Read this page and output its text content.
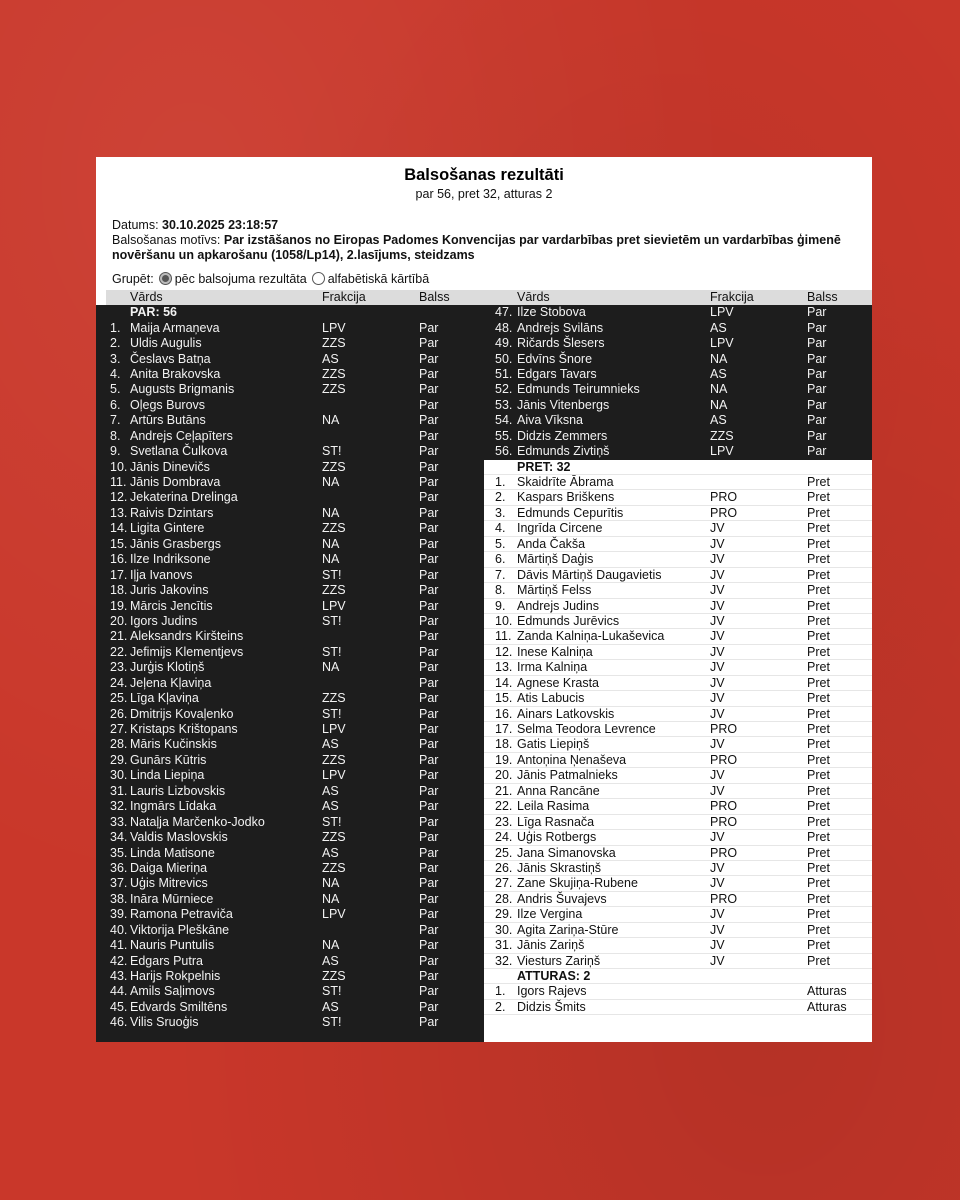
Balsošanas rezultāti
par 56, pret 32, atturas 2
Datums: 30.10.2025 23:18:57
Balsošanas motīvs: Par izstāšanos no Eiropas Padomes Konvencijas par vardarbības pret sievietēm un vardarbības ģimenē novēršanu un apkarošanu (1058/Lp14), 2.lasījums, steidzams
Grupēt: pēc balsojuma rezultāta alfabētiskā kārtībā
Vārds	Frakcija	Balss
PAR: 56
1. Maija Armaņeva	LPV	Par
2. Uldis Augulis	ZZS	Par
3. Česlavs Batņa	AS	Par
4. Anita Brakovska	ZZS	Par
5. Augusts Brigmanis	ZZS	Par
6. Oļegs Burovs	Par
7. Artūrs Butāns	NA	Par
8. Andrejs Ceļapīters	Par
9. Svetlana Čulkova	ST!	Par
10. Jānis Dinevičs	ZZS	Par
11. Jānis Dombrava	NA	Par
12. Jekaterina Drelinga	Par
13. Raivis Dzintars	NA	Par
14. Ligita Gintere	ZZS	Par
15. Jānis Grasbergs	NA	Par
16. Ilze Indriksone	NA	Par
17. Iļja Ivanovs	ST!	Par
18. Juris Jakovins	ZZS	Par
19. Mārcis Jencītis	LPV	Par
20. Igors Judins	ST!	Par
21. Aleksandrs Kiršteins	Par
22. Jefimijs Klementjevs	ST!	Par
23. Jurģis Klotiņš	NA	Par
24. Jeļena Kļaviņa	Par
25. Līga Kļaviņa	ZZS	Par
26. Dmitrijs Kovaļenko	ST!	Par
27. Kristaps Krištopans	LPV	Par
28. Māris Kučinskis	AS	Par
29. Gunārs Kūtris	ZZS	Par
30. Linda Liepiņa	LPV	Par
31. Lauris Lizbovskis	AS	Par
32. Ingmārs Līdaka	AS	Par
33. Nataļja Marčenko-Jodko	ST!	Par
34. Valdis Maslovskis	ZZS	Par
35. Linda Matisone	AS	Par
36. Daiga Mieriņa	ZZS	Par
37. Uģis Mitrevics	NA	Par
38. Ināra Mūrniece	NA	Par
39. Ramona Petraviča	LPV	Par
40. Viktorija Pleškāne	Par
41. Nauris Puntulis	NA	Par
42. Edgars Putra	AS	Par
43. Harijs Rokpelnis	ZZS	Par
44. Amils Saļimovs	ST!	Par
45. Edvards Smiltēns	AS	Par
46. Vilis Sruoģis	ST!	Par
Vārds	Frakcija	Balss
47. Ilze Stobova	LPV	Par
48. Andrejs Svilāns	AS	Par
49. Ričards Šlesers	LPV	Par
50. Edvīns Šnore	NA	Par
51. Edgars Tavars	AS	Par
52. Edmunds Teirumnieks	NA	Par
53. Jānis Vitenbergs	NA	Par
54. Aiva Vīksna	AS	Par
55. Didzis Zemmers	ZZS	Par
56. Edmunds Zivtiņš	LPV	Par
PRET: 32
1. Skaidrīte Ābrama	Pret
2. Kaspars Briškens	PRO	Pret
3. Edmunds Cepurītis	PRO	Pret
4. Ingrīda Circene	JV	Pret
5. Anda Čakša	JV	Pret
6. Mārtiņš Daģis	JV	Pret
7. Dāvis Mārtiņš Daugavietis	JV	Pret
8. Mārtiņš Felss	JV	Pret
9. Andrejs Judins	JV	Pret
10. Edmunds Jurēvics	JV	Pret
11. Zanda Kalniņa-Lukaševica	JV	Pret
12. Inese Kalniņa	JV	Pret
13. Irma Kalniņa	JV	Pret
14. Agnese Krasta	JV	Pret
15. Atis Labucis	JV	Pret
16. Ainars Latkovskis	JV	Pret
17. Selma Teodora Levrence	PRO	Pret
18. Gatis Liepiņš	JV	Pret
19. Antoņina Ņenaševa	PRO	Pret
20. Jānis Patmalnieks	JV	Pret
21. Anna Rancāne	JV	Pret
22. Leila Rasima	PRO	Pret
23. Līga Rasnača	PRO	Pret
24. Uģis Rotbergs	JV	Pret
25. Jana Simanovska	PRO	Pret
26. Jānis Skrastiņš	JV	Pret
27. Zane Skujiņa-Rubene	JV	Pret
28. Andris Šuvajevs	PRO	Pret
29. Ilze Vergina	JV	Pret
30. Agita Zariņa-Stūre	JV	Pret
31. Jānis Zariņš	JV	Pret
32. Viesturs Zariņš	JV	Pret
ATTURAS: 2
1. Igors Rajevs	Atturas
2. Didzis Šmits	Atturas
